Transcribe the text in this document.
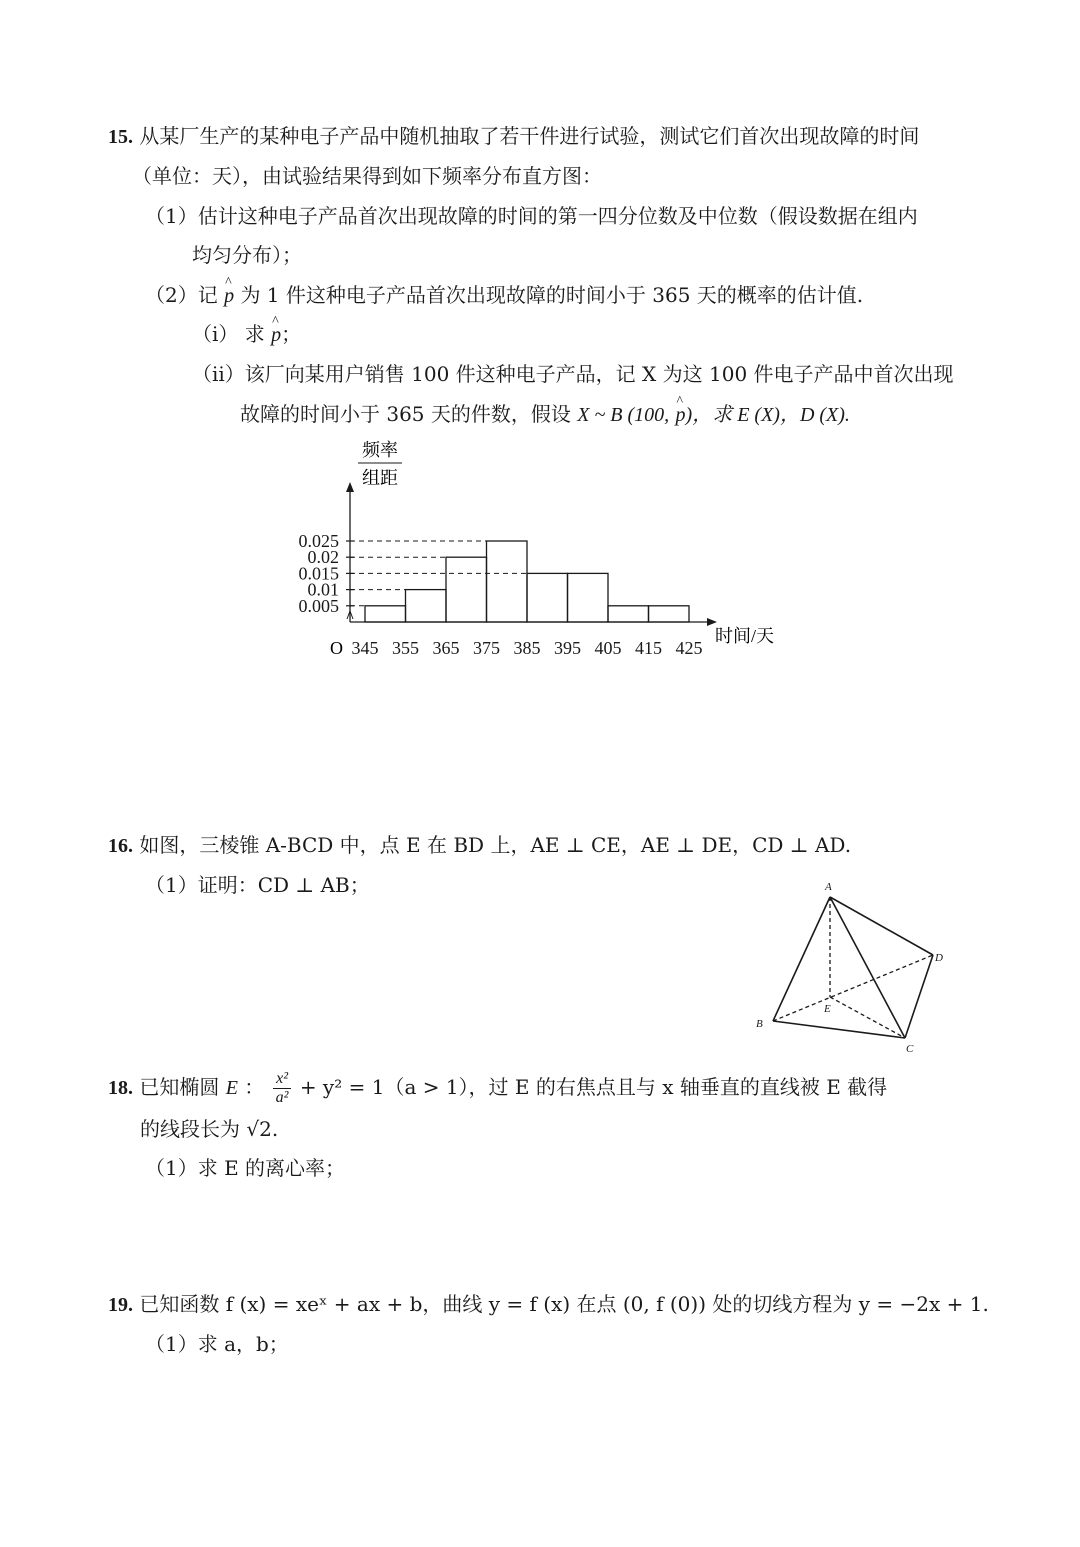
15. 从某厂生产的某种电子产品中随机抽取了若干件进行试验，测试它们首次出现故障的时间
（单位：天），由试验结果得到如下频率分布直方图：
（1）估计这种电子产品首次出现故障的时间的第一四分位数及中位数（假设数据在组内
均匀分布）；
（2）记 ^ p 为 1 件这种电子产品首次出现故障的时间小于 365 天的概率的估计值.
（i） 求 ^ p；
（ii）该厂向某用户销售 100 件这种电子产品，记 X 为这 100 件电子产品中首次出现
故障的时间小于 365 天的件数，假设 X ~ B (100, ^ p)，求 E (X)，D (X).
频率
组距
0.005
0.01
0.015
0.02
0.025
345 355 365 375 385 395 405 415 425
时间/天
O
16. 如图，三棱锥 A-BCD 中，点 E 在 BD 上，AE ⊥ CE，AE ⊥ DE，CD ⊥ AD.
（1）证明：CD ⊥ AB；	A
B
C
D
E
18. 已知椭圆 E ： $\frac{\text{x²}}{\text{a²}} + y^2 = 1(a > 1)$，过 E 的右焦点且与 x 轴垂直的直线被 E 截得
的线段长为 √2.
（1）求 E 的离心率；
19. 已知函数 f (x) = xeˣ + ax + b，曲线 y = f (x) 在点 (0, f (0)) 处的切线方程为 y = −2x + 1.
（1）求 a，b；
